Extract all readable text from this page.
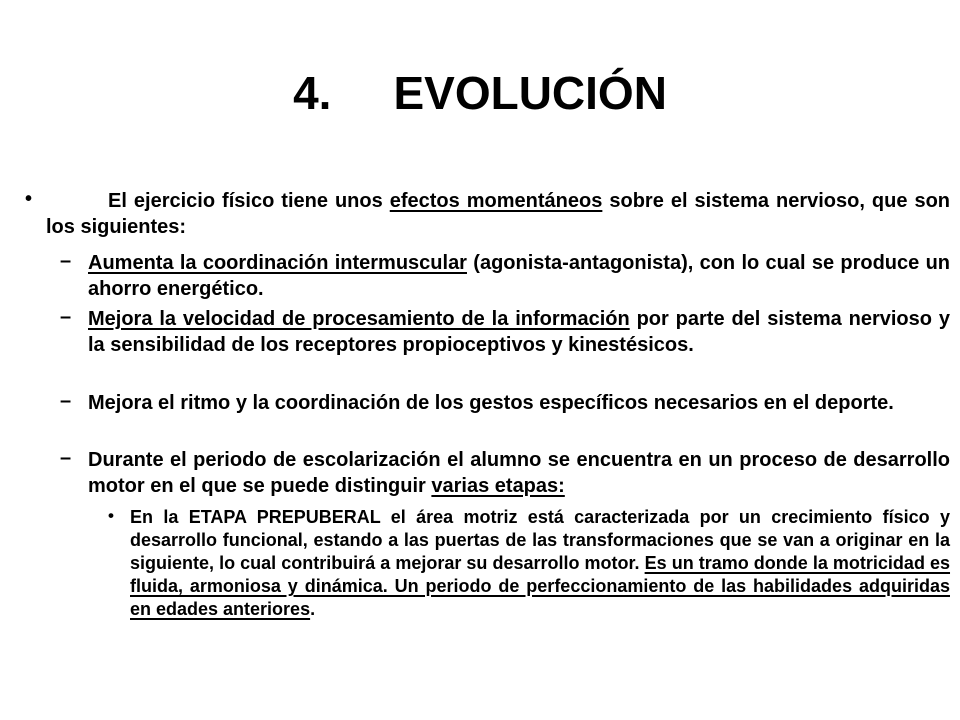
4. EVOLUCIÓN
•	El ejercicio físico tiene unos efectos momentáneos sobre el sistema nervioso, que son los siguientes:
– Aumenta la coordinación intermuscular (agonista-antagonista), con lo cual se produce un ahorro energético.
– Mejora la velocidad de procesamiento de la información por parte del sistema nervioso y la sensibilidad de los receptores propioceptivos y kinestésicos.
– Mejora el ritmo y la coordinación de los gestos específicos necesarios en el deporte.
– Durante el periodo de escolarización el alumno se encuentra en un proceso de desarrollo motor en el que se puede distinguir varias etapas:
• En la ETAPA PREPUBERAL el área motriz está caracterizada por un crecimiento físico y desarrollo funcional, estando a las puertas de las transformaciones que se van a originar en la siguiente, lo cual contribuirá a mejorar su desarrollo motor. Es un tramo donde la motricidad es fluida, armoniosa y dinámica. Un periodo de perfeccionamiento de las habilidades adquiridas en edades anteriores.
